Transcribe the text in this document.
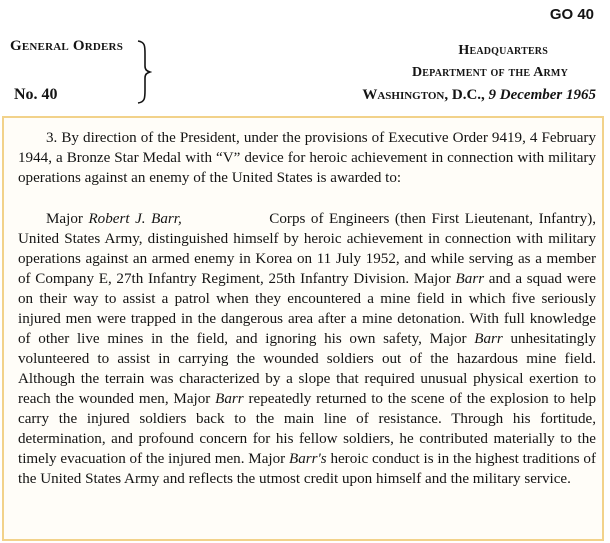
GO 40
General Orders
No. 40
Headquarters
Department of the Army
Washington, D.C., 9 December 1965

3. By direction of the President, under the provisions of Executive Order 9419, 4 February 1944, a Bronze Star Medal with “V” device for heroic achievement in connection with military operations against an enemy of the United States is awarded to:

Major Robert J. Barr,	Corps of Engineers (then First Lieutenant, Infantry), United States Army, distinguished himself by heroic achievement in connection with military operations against an armed enemy in Korea on 11 July 1952, and while serving as a member of Company E, 27th Infantry Regiment, 25th Infantry Division. Major Barr and a squad were on their way to assist a patrol when they encountered a mine field in which five seriously injured men were trapped in the dangerous area after a mine detonation. With full knowledge of other live mines in the field, and ignoring his own safety, Major Barr unhesitatingly volunteered to assist in carrying the wounded soldiers out of the hazardous mine field. Although the terrain was characterized by a slope that required unusual physical exertion to reach the wounded men, Major Barr repeatedly returned to the scene of the explosion to help carry the injured soldiers back to the main line of resistance. Through his fortitude, determination, and profound concern for his fellow soldiers, he contributed materially to the timely evacuation of the injured men. Major Barr's heroic conduct is in the highest traditions of the United States Army and reflects the utmost credit upon himself and the military service.
